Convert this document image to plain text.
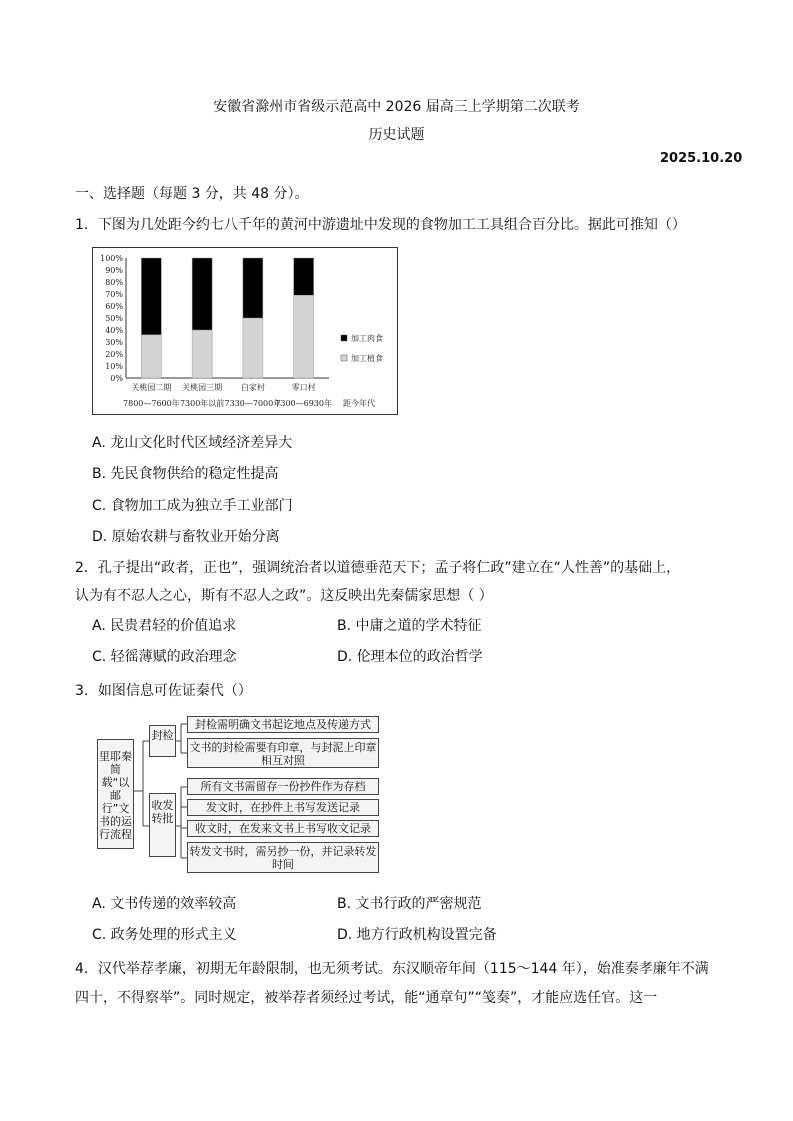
安徽省滁州市省级示范高中 2026 届高三上学期第二次联考
历史试题
2025.10.20
一、选择题（每题 3 分，共 48 分）。
1．下图为几处距今约七八千年的黄河中游遗址中发现的食物加工工具组合百分比。据此可推知（）
0%
10%
20%
30%
40%
50%
60%
70%
80%
90%
100%
关桃园二期
7800—7600年
关桃园三期
7300年以前
白家村
7330—7000年
零口村
7300—6930年 距今年代
加工肉食
加工植食
A. 龙山文化时代区域经济差异大
B. 先民食物供给的稳定性提高
C. 食物加工成为独立手工业部门
D. 原始农耕与畜牧业开始分离
2．孔子提出“政者，正也”，强调统治者以道德垂范天下；孟子将仁政”建立在“人性善”的基础上，
认为有不忍人之心，斯有不忍人之政”。这反映出先秦儒家思想（ ）
A. 民贵君轻的价值追求	B. 中庸之道的学术特征
C. 轻徭薄赋的政治理念	D. 伦理本位的政治哲学
3．如图信息可佐证秦代（）
里耶秦简载“以邮行”文书的运行流程
封检
收发转批
封检需明确文书起讫地点及传递方式
文书的封检需要有印章，与封泥上印章相互对照
所有文书需留存一份抄件作为存档
发文时，在抄件上书写发送记录
收文时，在发来文书上书写收文记录
转发文书时，需另抄一份，并记录转发时间
A. 文书传递的效率较高	B. 文书行政的严密规范
C. 政务处理的形式主义	D. 地方行政机构设置完备
4．汉代举荐孝廉，初期无年龄限制，也无须考试。东汉顺帝年间（115～144 年），始准奏孝廉年不满
四十，不得察举”。同时规定，被举荐者须经过考试，能“通章句”“笺奏”，才能应选任官。这一
